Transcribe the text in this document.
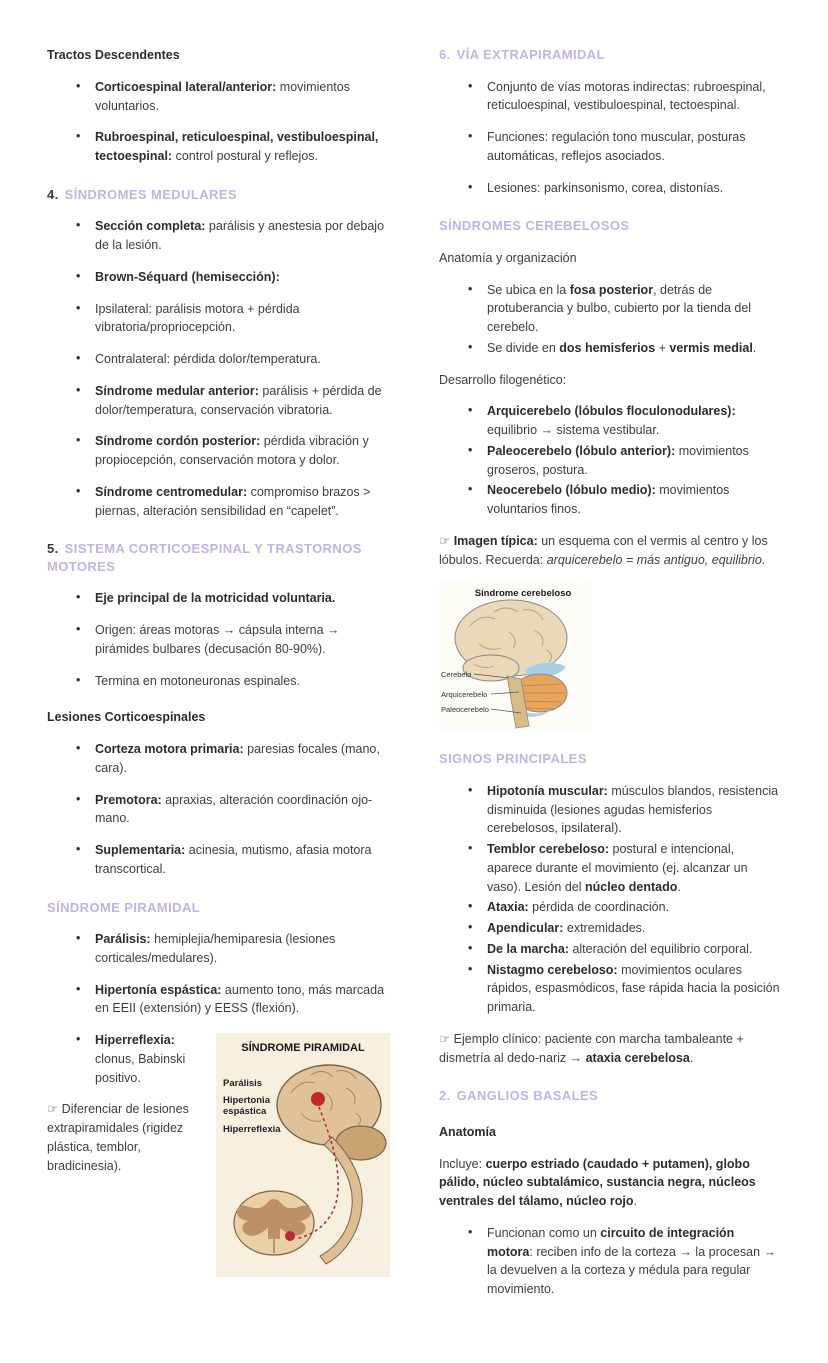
Tractos Descendentes
• Corticoespinal lateral/anterior: movimientos voluntarios.
• Rubroespinal, reticuloespinal, vestibuloespinal, tectoespinal: control postural y reflejos.
4. SÍNDROMES MEDULARES
• Sección completa: parálisis y anestesia por debajo de la lesión.
• Brown-Séquard (hemisección):
• Ipsilateral: parálisis motora + pérdida vibratoria/propriocepción.
• Contralateral: pérdida dolor/temperatura.
• Síndrome medular anterior: parálisis + pérdida de dolor/temperatura, conservación vibratoria.
• Síndrome cordón posterior: pérdida vibración y propiocepción, conservación motora y dolor.
• Síndrome centromedular: compromiso brazos > piernas, alteración sensibilidad en “capelet”.
5. SISTEMA CORTICOESPINAL Y TRASTORNOS MOTORES
• Eje principal de la motricidad voluntaria.
• Origen: áreas motoras → cápsula interna → pirámides bulbares (decusación 80-90%).
• Termina en motoneuronas espinales.
Lesiones Corticoespinales
• Corteza motora primaria: paresias focales (mano, cara).
• Premotora: apraxias, alteración coordinación ojo-mano.
• Suplementaria: acinesia, mutismo, afasia motora transcortical.
SÍNDROME PIRAMIDAL
• Parálisis: hemiplejia/hemiparesia (lesiones corticales/medulares).
• Hipertonía espástica: aumento tono, más marcada en EEII (extensión) y EESS (flexión).
SÍNDROME PIRAMIDAL
Parálisis
Hipertonia
espástica
Hiperreflexia
• Hiperreflexia: clonus, Babinski positivo.

☞ Diferenciar de lesiones extrapiramidales (rigidez plástica, temblor, bradicinesia).

6. VÍA EXTRAPIRAMIDAL
• Conjunto de vías motoras indirectas: rubroespinal, reticuloespinal, vestibuloespinal, tectoespinal.
• Funciones: regulación tono muscular, posturas automáticas, reflejos asociados.
• Lesiones: parkinsonismo, corea, distonías.
SÍNDROMES CEREBELOSOS

Anatomía y organización

• Se ubica en la fosa posterior, detrás de protuberancia y bulbo, cubierto por la tienda del cerebelo.
• Se divide en dos hemisferios + vermis medial.

Desarrollo filogenético:

• Arquicerebelo (lóbulos floculonodulares): equilibrio → sistema vestibular.
• Paleocerebelo (lóbulo anterior): movimientos groseros, postura.
• Neocerebelo (lóbulo medio): movimientos voluntarios finos.

☞ Imagen típica: un esquema con el vermis al centro y los lóbulos. Recuerda: arquicerebelo = más antiguo, equilibrio.

Síndrome cerebeloso
Cerebelo
Arquicerebelo
Paleocerebelo
SIGNOS PRINCIPALES
• Hipotonía muscular: músculos blandos, resistencia disminuida (lesiones agudas hemisferios cerebelosos, ipsilateral).
• Temblor cerebeloso: postural e intencional, aparece durante el movimiento (ej. alcanzar un vaso). Lesión del núcleo dentado.
• Ataxia: pérdida de coordinación.
• Apendicular: extremidades.
• De la marcha: alteración del equilibrio corporal.
• Nistagmo cerebeloso: movimientos oculares rápidos, espasmódicos, fase rápida hacia la posición primaria.

☞ Ejemplo clínico: paciente con marcha tambaleante + dismetría al dedo-nariz → ataxia cerebelosa.

2. GANGLIOS BASALES
Anatomía

Incluye: cuerpo estriado (caudado + putamen), globo pálido, núcleo subtalámico, sustancia negra, núcleos ventrales del tálamo, núcleo rojo.

• Funcionan como un circuito de integración motora: reciben info de la corteza → la procesan → la devuelven a la corteza y médula para regular movimiento.
